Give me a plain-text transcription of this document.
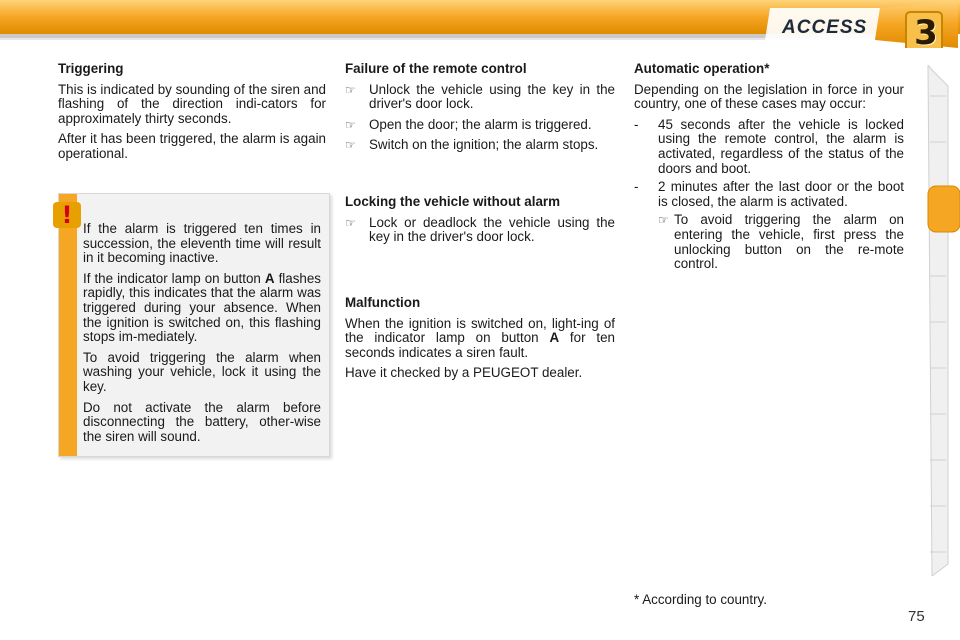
ACCESS 3
Triggering

This is indicated by sounding of the siren and flashing of the direction indi-cators for approximately thirty seconds.

After it has been triggered, the alarm is again operational.

! If the alarm is triggered ten times in succession, the eleventh time will result in it becoming inactive.

If the indicator lamp on button A flashes rapidly, this indicates that the alarm was triggered during your absence. When the ignition is switched on, this flashing stops im-mediately.

To avoid triggering the alarm when washing your vehicle, lock it using the key.

Do not activate the alarm before disconnecting the battery, other-wise the siren will sound.

Failure of the remote control
☞ Unlock the vehicle using the key in the driver's door lock.
☞ Open the door; the alarm is triggered.
☞ Switch on the ignition; the alarm stops.
Locking the vehicle without alarm
☞ Lock or deadlock the vehicle using the key in the driver's door lock.
Malfunction

When the ignition is switched on, light-ing of the indicator lamp on button A for ten seconds indicates a siren fault.

Have it checked by a PEUGEOT dealer.

Automatic operation*

Depending on the legislation in force in your country, one of these cases may occur:

-	45 seconds after the vehicle is locked using the remote control, the alarm is activated, regardless of the status of the doors and boot.
-	2 minutes after the last door or the boot is closed, the alarm is activated.
☞ To avoid triggering the alarm on entering the vehicle, first press the unlocking button on the re-mote control.
* According to country.
75
